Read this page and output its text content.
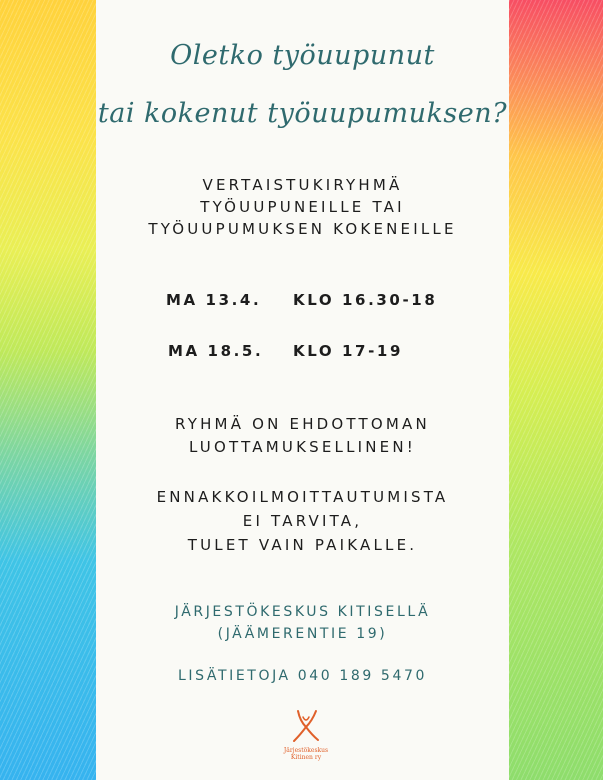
Oletko työuupunut
tai kokenut työuupumuksen?
VERTAISTUKIRYHMÄ
TYÖUUPUNEILLE TAI
TYÖUUPUMUKSEN KOKENEILLE
MA 13.4. KLO 16.30-18
MA 18.5. KLO 17-19
RYHMÄ ON EHDOTTOMAN
LUOTTAMUKSELLINEN!
ENNAKKOILMOITTAUTUMISTA
EI TARVITA,
TULET VAIN PAIKALLE.
JÄRJESTÖKESKUS KITISELLÄ
(JÄÄMERENTIE 19)
LISÄTIETOJA 040 189 5470
Järjestökeskus
Kitinen ry
